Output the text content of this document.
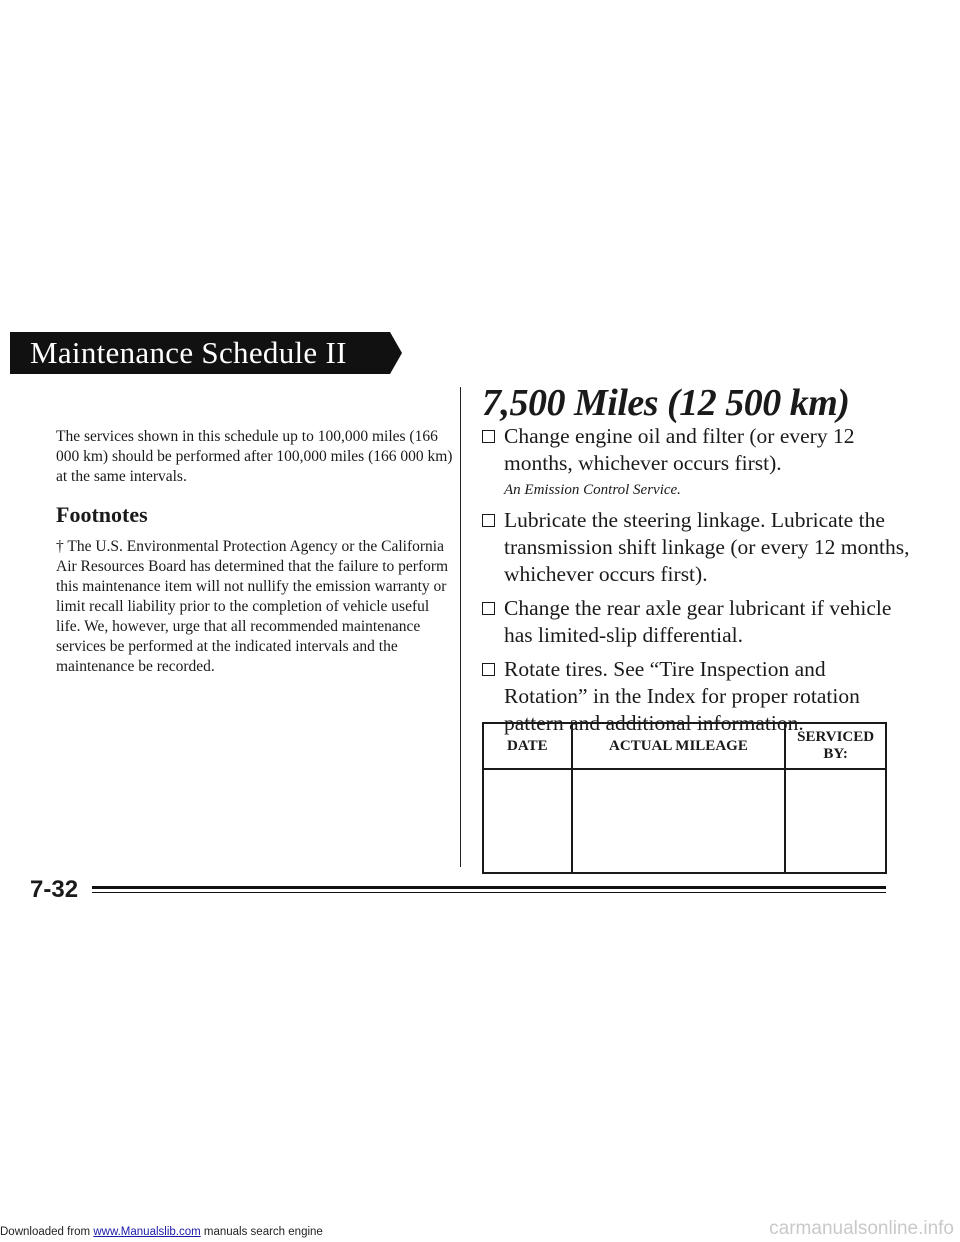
Maintenance Schedule II

The services shown in this schedule up to 100,000 miles (166 000 km) should be performed after 100,000 miles (166 000 km) at the same intervals.

Footnotes

† The U.S. Environmental Protection Agency or the California Air Resources Board has determined that the failure to perform this maintenance item will not nullify the emission warranty or limit recall liability prior to the completion of vehicle useful life. We, however, urge that all recommended maintenance services be performed at the indicated intervals and the maintenance be recorded.

7,500 Miles (12 500 km)
Change engine oil and filter (or every 12 months, whichever occurs first).
An Emission Control Service.
Lubricate the steering linkage. Lubricate the transmission shift linkage (or every 12 months, whichever occurs first).
Change the rear axle gear lubricant if vehicle has limited-slip differential.
Rotate tires. See “Tire Inspection and Rotation” in the Index for proper rotation pattern and additional information.
DATE	ACTUAL MILEAGE	SERVICED BY:

7-32
Downloaded from www.Manualslib.com manuals search engine	carmanualsonline.info
